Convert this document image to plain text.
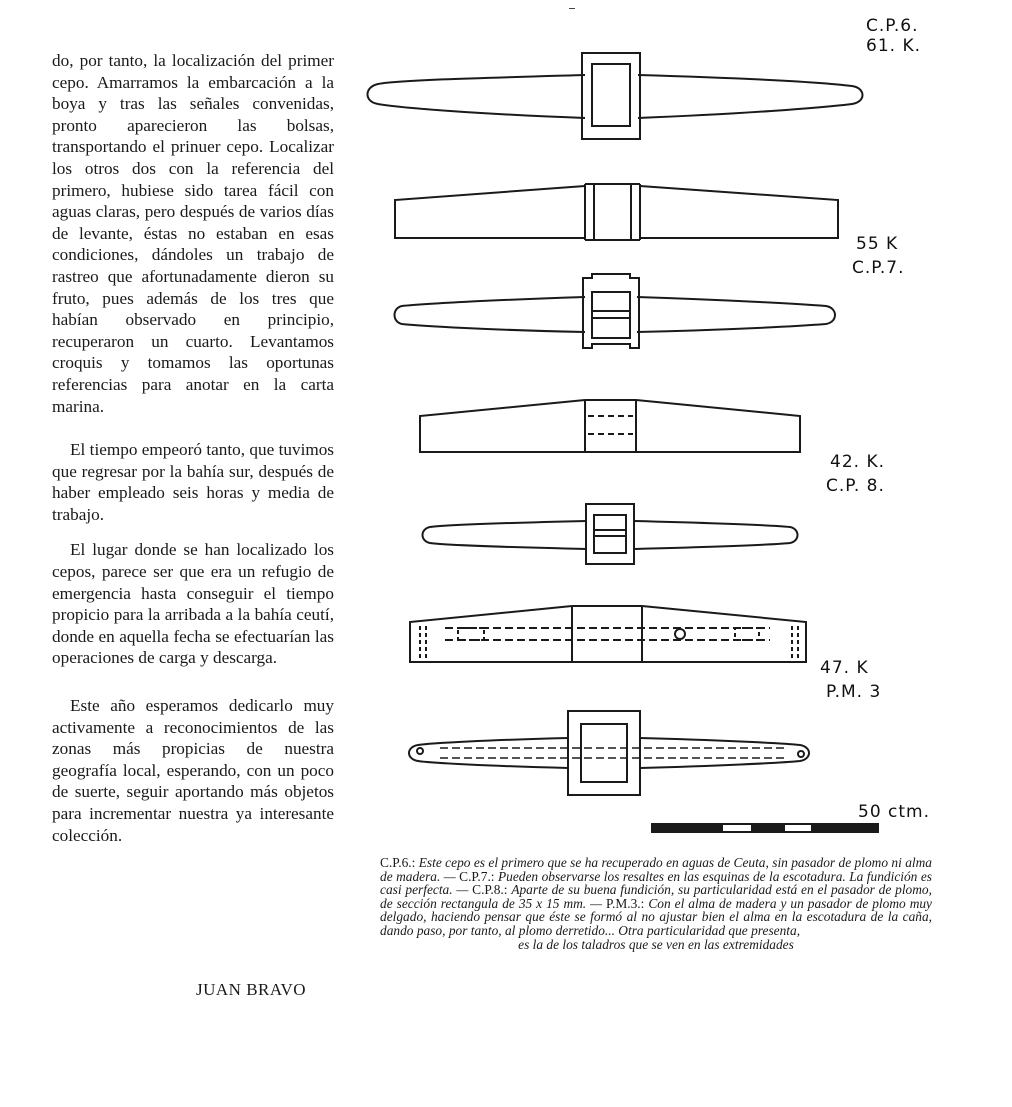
do, por tanto, la localización del primer cepo. Amarramos la embarcación a la boya y tras las señales convenidas, pronto aparecieron las bolsas, transportando el prinuer cepo. Localizar los otros dos con la referencia del primero, hubiese sido tarea fácil con aguas claras, pero después de varios días de levante, éstas no estaban en esas condiciones, dándoles un trabajo de rastreo que afortunadamente dieron su fruto, pues además de los tres que habían observado en principio, recuperaron un cuarto. Levantamos croquis y tomamos las oportunas referencias para anotar en la carta marina.

El tiempo empeoró tanto, que tuvimos que regresar por la bahía sur, después de haber empleado seis horas y media de trabajo.

El lugar donde se han localizado los cepos, parece ser que era un refugio de emergencia hasta conseguir el tiempo propicio para la arribada a la bahía ceutí, donde en aquella fecha se efectuarían las operaciones de carga y descarga.

Este año esperamos dedicarlo muy activamente a reconocimientos de las zonas más propicias de nuestra geografía local, esperando, con un poco de suerte, seguir aportando más objetos para incrementar nuestra ya interesante colección.

JUAN BRAVO
C.P.6.
61. K.
55 K
C.P.7.
42. K.
C.P. 8.
47. K
P.M. 3
50 ctm.
C.P.6.: Este cepo es el primero que se ha recuperado en aguas de Ceuta, sin pasador de plomo ni alma de madera. — C.P.7.: Pueden observarse los resaltes en las esquinas de la escotadura. La fundición es casi perfecta. — C.P.8.: Aparte de su buena fundición, su particularidad está en el pasador de plomo, de sección rectangula de 35 x 15 mm. — P.M.3.: Con el alma de madera y un pasador de plomo muy delgado, haciendo pensar que éste se formó al no ajustar bien el alma en la escotadura de la caña, dando paso, por tanto, al plomo derretido... Otra particularidad que presenta,
es la de los taladros que se ven en las extremidades
